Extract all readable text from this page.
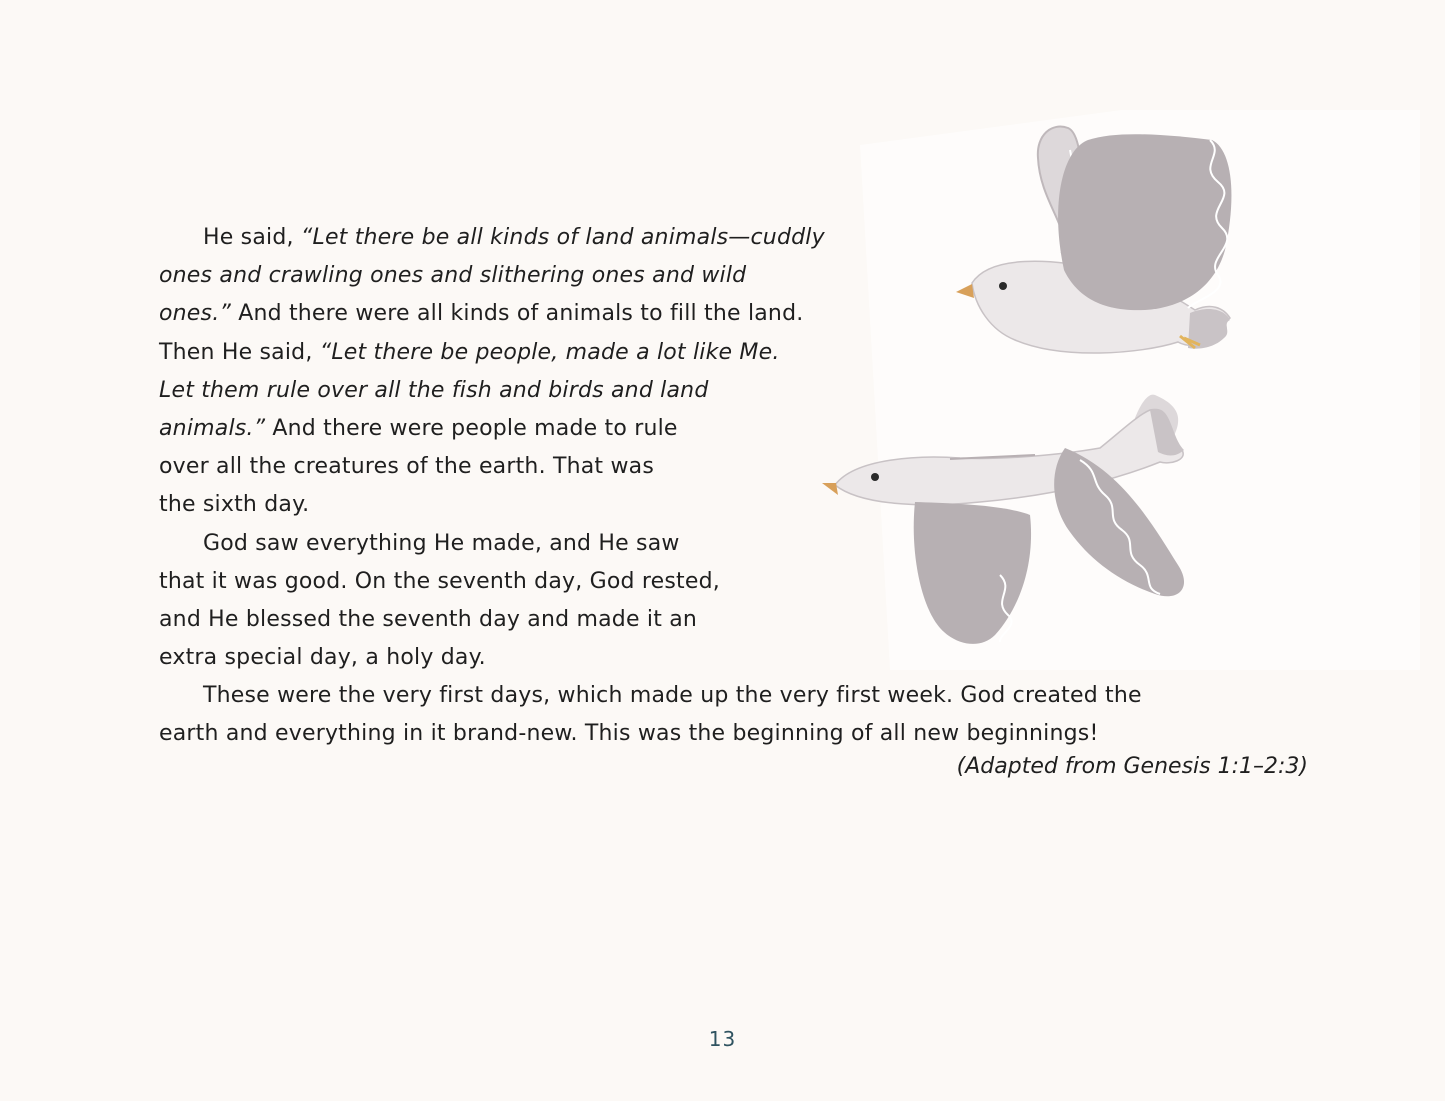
He said, “Let there be all kinds of land animals—cuddly
ones and crawling ones and slithering ones and wild
ones.” And there were all kinds of animals to fill the land.
Then He said, “Let there be people, made a lot like Me.
Let them rule over all the fish and birds and land
animals.” And there were people made to rule
over all the creatures of the earth. That was
the sixth day.
God saw everything He made, and He saw
that it was good. On the seventh day, God rested,
and He blessed the seventh day and made it an
extra special day, a holy day.
These were the very first days, which made up the very first week. God created the
earth and everything in it brand-new. This was the beginning of all new beginnings!
(Adapted from Genesis 1:1–2:3)
13
